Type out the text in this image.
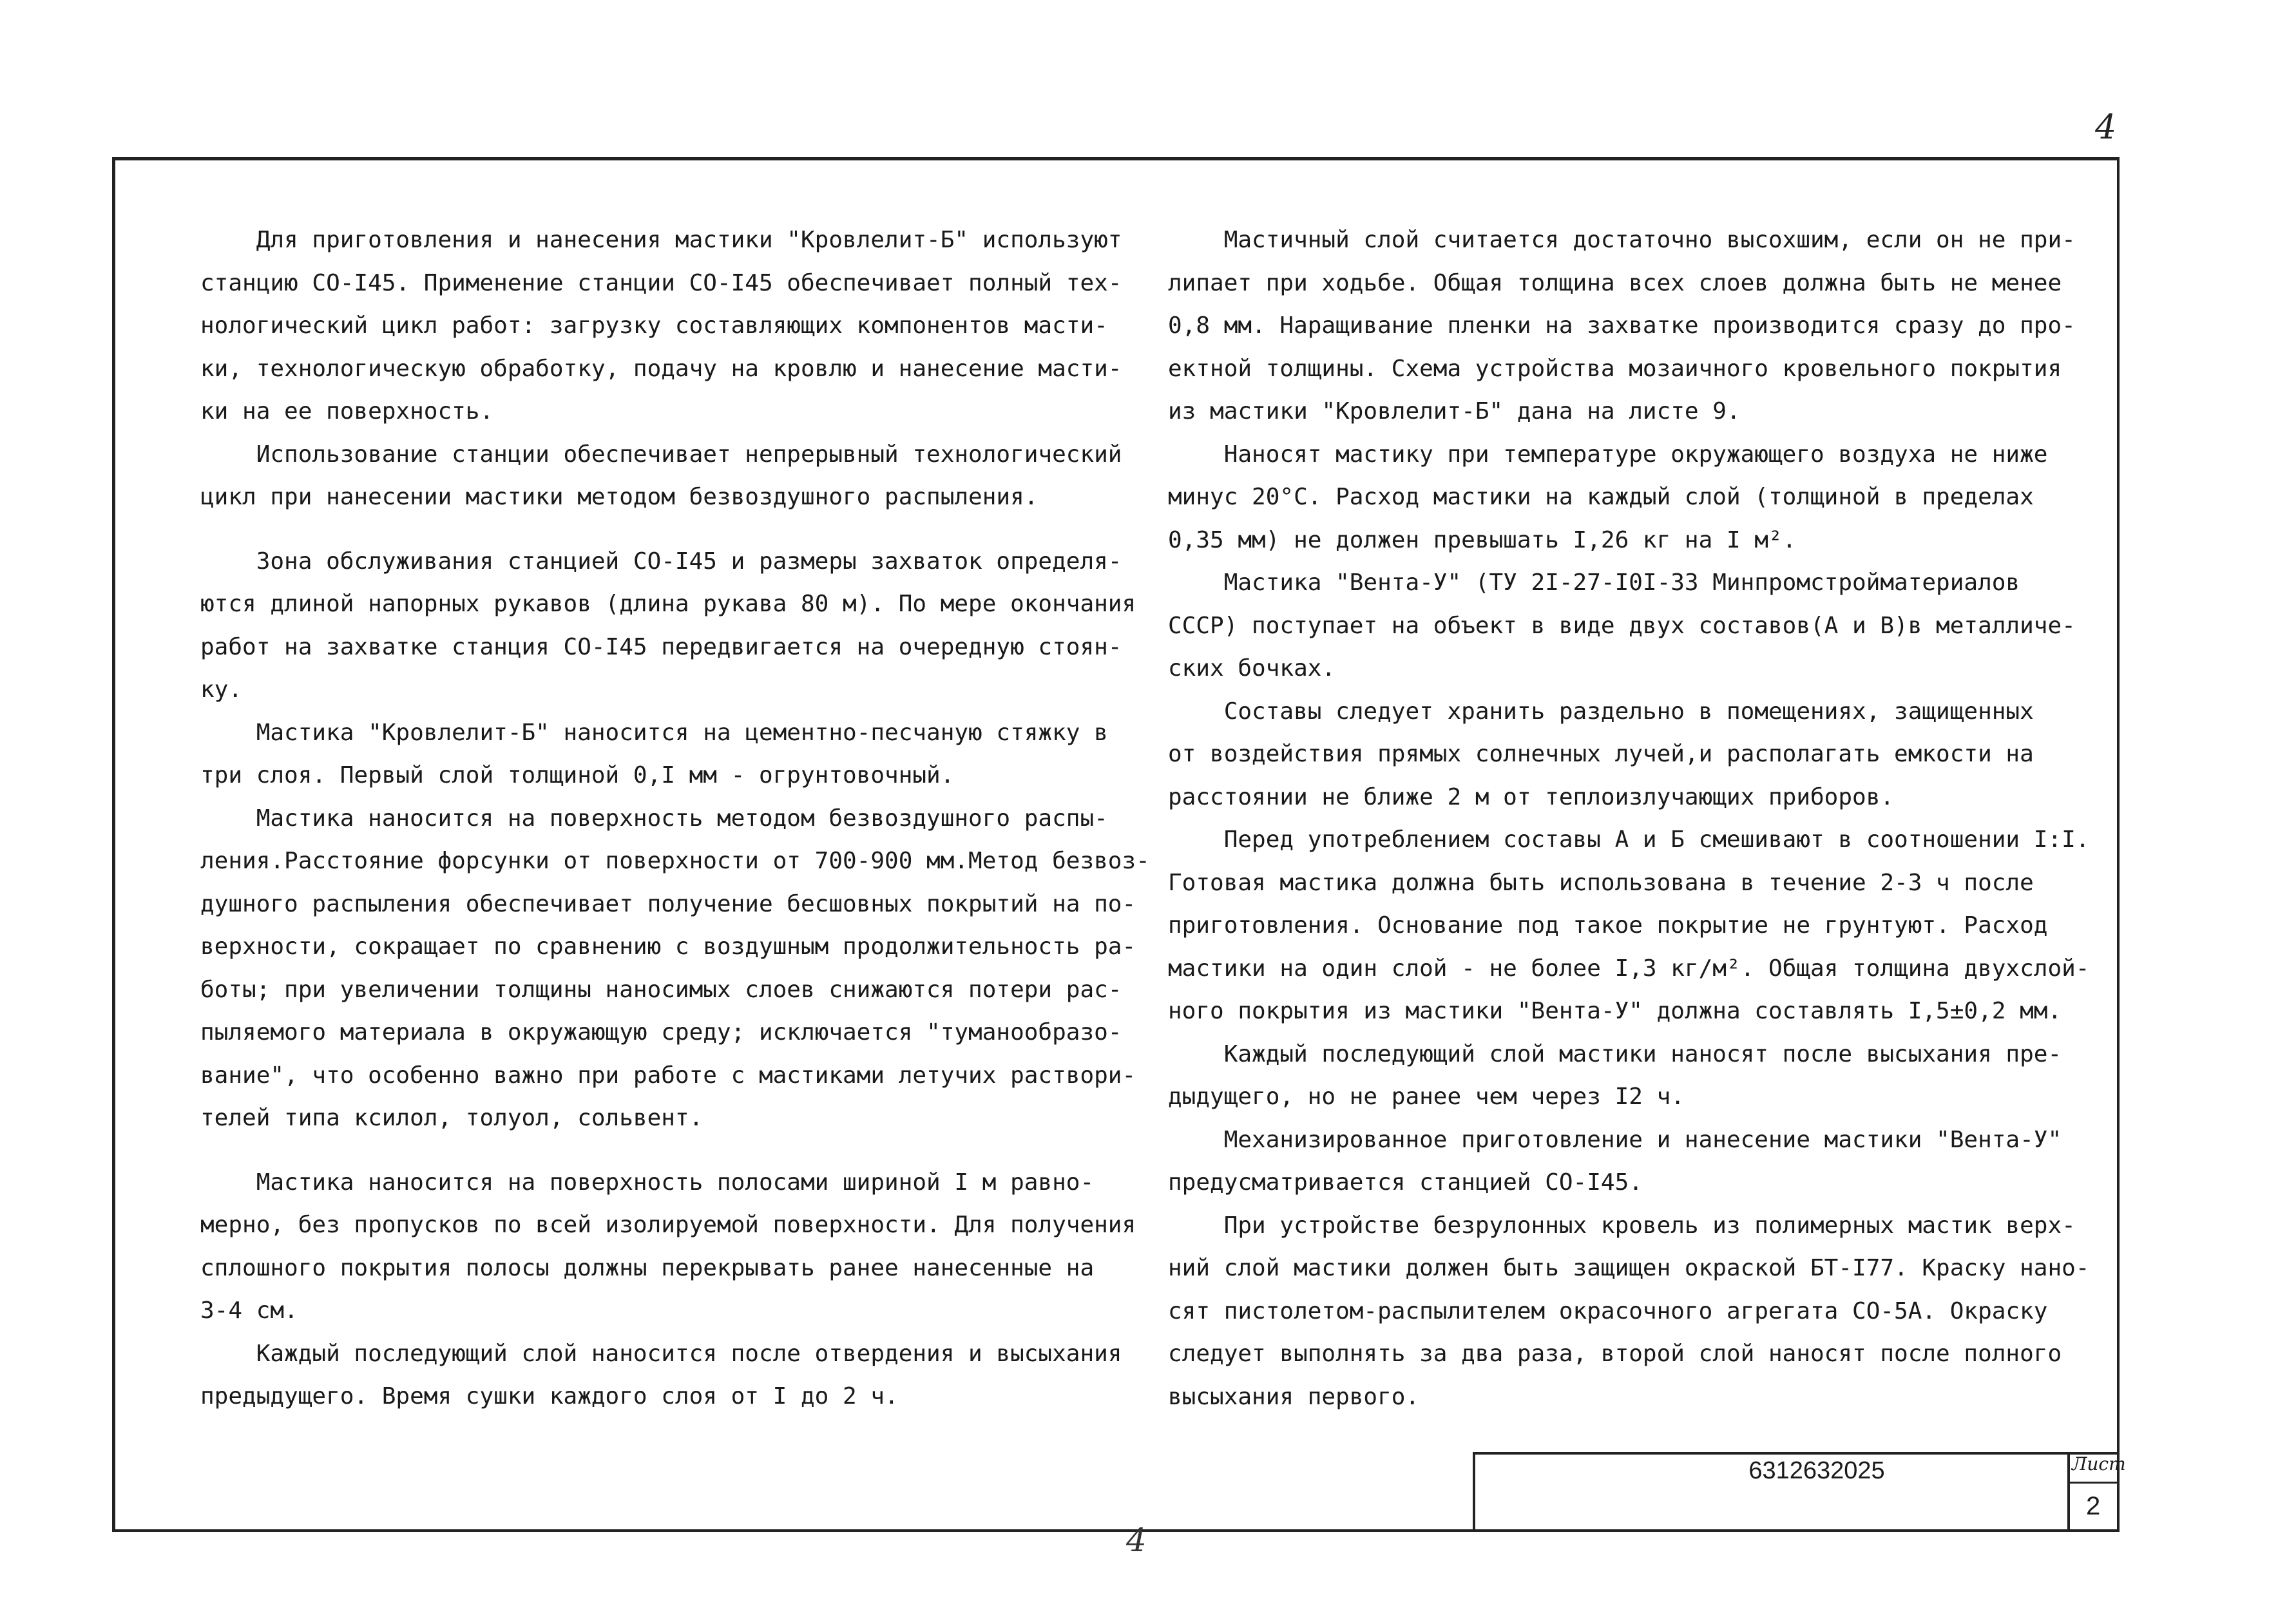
4

Для приготовления и нанесения мастики "Кровлелит-Б" используют

станцию СО-I45. Применение станции СО-I45 обеспечивает полный тех-

нологический цикл работ: загрузку составляющих компонентов масти-

ки, технологическую обработку, подачу на кровлю и нанесение масти-

ки на ее поверхность.

Использование станции обеспечивает непрерывный технологический

цикл при нанесении мастики методом безвоздушного распыления.

Зона обслуживания станцией СО-I45 и размеры захваток определя-

ются длиной напорных рукавов (длина рукава 80 м). По мере окончания

работ на захватке станция СО-I45 передвигается на очередную стоян-

ку.

Мастика "Кровлелит-Б" наносится на цементно-песчаную стяжку в

три слоя. Первый слой толщиной 0,I мм - огрунтовочный.

Мастика наносится на поверхность методом безвоздушного распы-

ления.Расстояние форсунки от поверхности от 700-900 мм.Метод безвоз-

душного распыления обеспечивает получение бесшовных покрытий на по-

верхности, сокращает по сравнению с воздушным продолжительность ра-

боты; при увеличении толщины наносимых слоев снижаются потери рас-

пыляемого материала в окружающую среду; исключается "туманообразо-

вание", что особенно важно при работе с мастиками летучих раствори-

телей типа ксилол, толуол, сольвент.

Мастика наносится на поверхность полосами шириной I м равно-

мерно, без пропусков по всей изолируемой поверхности. Для получения

сплошного покрытия полосы должны перекрывать ранее нанесенные на

3-4 см.

Каждый последующий слой наносится после отвердения и высыхания

предыдущего. Время сушки каждого слоя от I до 2 ч.

Мастичный слой считается достаточно высохшим, если он не при-

липает при ходьбе. Общая толщина всех слоев должна быть не менее

0,8 мм. Наращивание пленки на захватке производится сразу до про-

ектной толщины. Схема устройства мозаичного кровельного покрытия

из мастики "Кровлелит-Б" дана на листе 9.

Наносят мастику при температуре окружающего воздуха не ниже

минус 20°С. Расход мастики на каждый слой (толщиной в пределах

0,35 мм) не должен превышать I,26 кг на I м².

Мастика "Вента-У" (ТУ 2I-27-I0I-33 Минпромстройматериалов

СССР) поступает на объект в виде двух составов(А и В)в металличе-

ских бочках.

Составы следует хранить раздельно в помещениях, защищенных

от воздействия прямых солнечных лучей,и располагать емкости на

расстоянии не ближе 2 м от теплоизлучающих приборов.

Перед употреблением составы А и Б смешивают в соотношении I:I.

Готовая мастика должна быть использована в течение 2-3 ч после

приготовления. Основание под такое покрытие не грунтуют. Расход

мастики на один слой - не более I,3 кг/м². Общая толщина двухслой-

ного покрытия из мастики "Вента-У" должна составлять I,5±0,2 мм.

Каждый последующий слой мастики наносят после высыхания пре-

дыдущего, но не ранее чем через I2 ч.

Механизированное приготовление и нанесение мастики "Вента-У"

предусматривается станцией СО-I45.

При устройстве безрулонных кровель из полимерных мастик верх-

ний слой мастики должен быть защищен окраской БТ-I77. Краску нано-

сят пистолетом-распылителем окрасочного агрегата СО-5А. Окраску

следует выполнять за два раза, второй слой наносят после полного

высыхания первого.

6312632025	Лист
2
4
